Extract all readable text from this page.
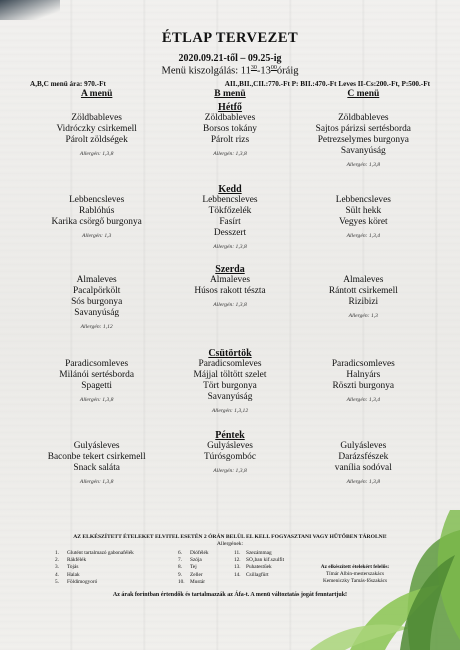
ÉTLAP TERVEZET
2020.09.21-től – 09.25-ig
Menü kiszolgálás: $11^{30}-13^{00}óráig$
A,B,C menü ára: 970.-Ft	AII.,BII.,CII.:770.-Ft P: BII.:470.-Ft Leves II-Cs:200.-Ft, P:500.-Ft
A menü	B menü	C menü
Hétfő
Zöldbableves
Vidróczky csirkemell
Párolt zöldségek
Allergén: 1,3,8
Zöldbableves
Borsos tokány
Párolt rizs
Allergén: 1,3,8
Zöldbableves
Sajtos párizsi sertésborda
Petrezselymes burgonya
Savanyúság
Allergén: 1,3,8
Kedd
Lebbencsleves
Rablóhús
Karika csörgő burgonya
Allergén: 1,3
Lebbencsleves
Tökfőzelék
Fasírt
Desszert
Allergén: 1,3,8
Lebbencsleves
Sült hekk
Vegyes köret
Allergén: 1,3,4
Szerda
Almaleves
Pacalpörkölt
Sós burgonya
Savanyúság
Allergén: 1,12
Almaleves
Húsos rakott tészta
Allergén: 1,3,8
Almaleves
Rántott csirkemell
Rizibizi
Allergén: 1,3
Csütörtök
Paradicsomleves
Milánói sertésborda
Spagetti
Allergén: 1,3,8
Paradicsomleves
Májjal töltött szelet
Tört burgonya
Savanyúság
Allergén: 1,3,12
Paradicsomleves
Halnyárs
Röszti burgonya
Allergén: 1,3,4
Péntek
Gulyásleves
Baconbe tekert csirkemell
Snack saláta
Allergén: 1,3,8
Gulyásleves
Túrósgombóc
Allergén: 1,3,8
Gulyásleves
Darázsfészek
vanília sodóval
Allergén: 1,3,8
AZ ELKÉSZÍTETT ÉTELEKET ELVITEL ESETÉN 2 ÓRÁN BELÜL EL KELL FOGYASZTANI VAGY HŰTŐBEN TÁROLNI!
Allergének:
1. Glutént tartalmazó gabonafélék
2. Rákfélék
3. Tojás
4. Halak
5. Földimogyoró
6. Diófélék
7. Szója
8. Tej
9. Zeller
10. Mustár
11. Szezámmag
12. SO₂ban kif.szulfit
13. Puhatestűek
14. Csillagfürt
Az elkészített ételekért felelős:
Tímár Albin-mesterszakács
Kemeniczky Tamás-főszakács
Az árak forintban értendők és tartalmazzák az Áfa-t. A menü változtatás jogát fenntartjuk!
